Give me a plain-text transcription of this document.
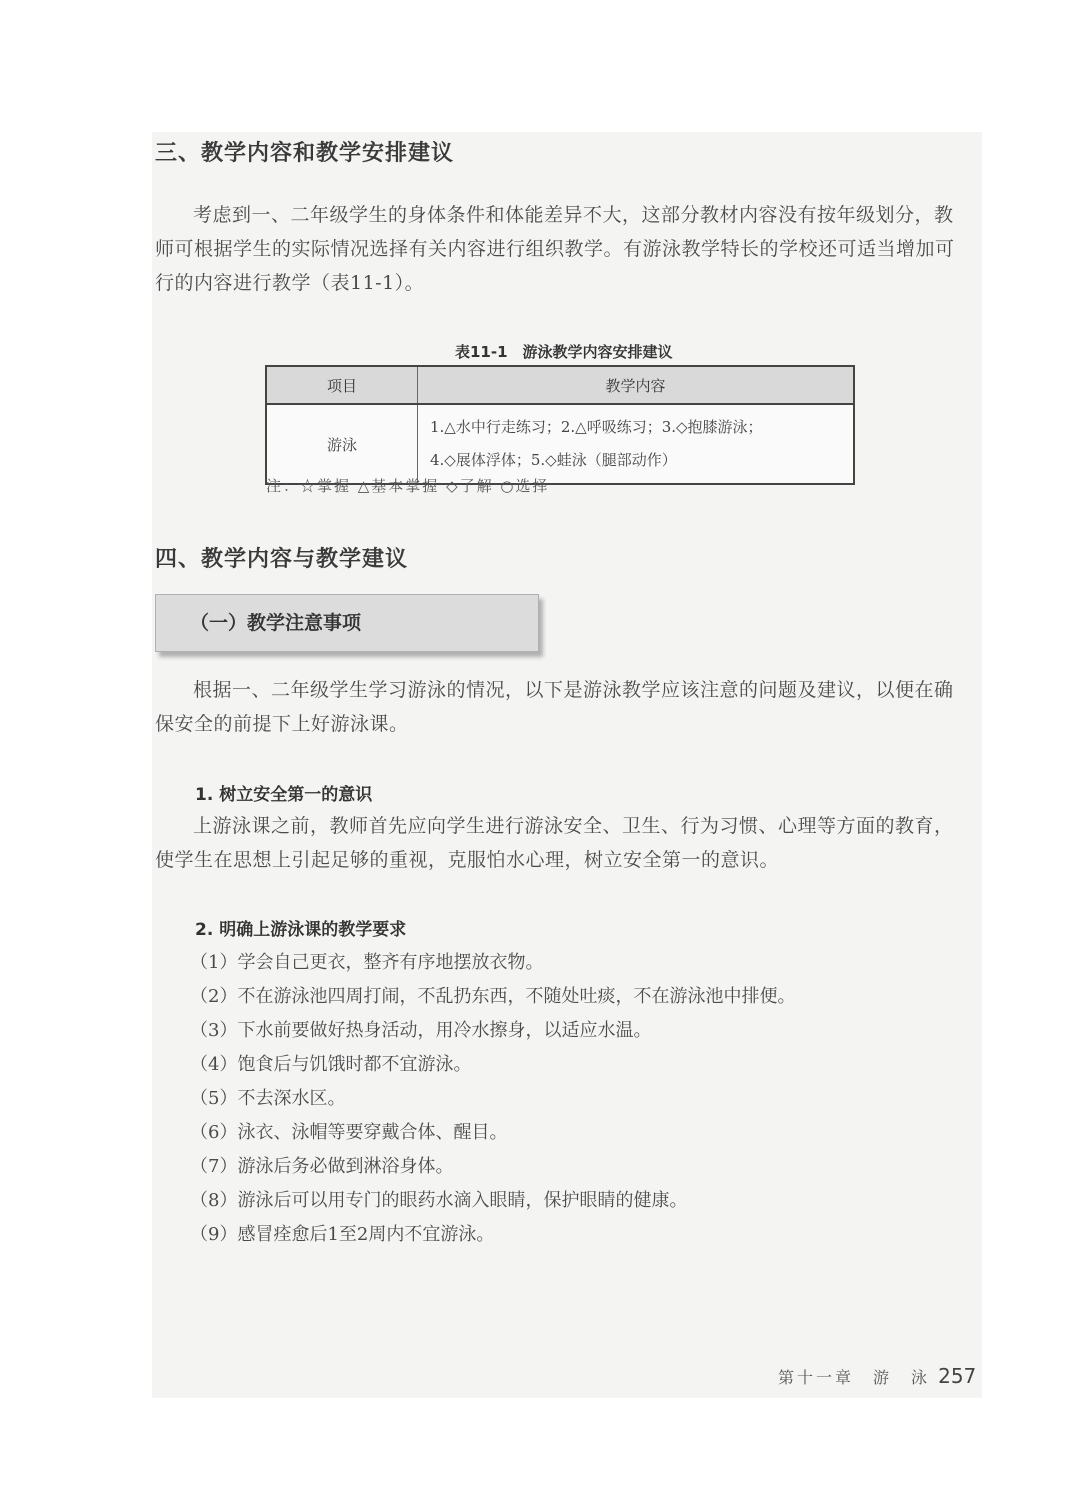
三、教学内容和教学安排建议
考虑到一、二年级学生的身体条件和体能差异不大，这部分教材内容没有按年级划分，教师可根据学生的实际情况选择有关内容进行组织教学。有游泳教学特长的学校还可适当增加可行的内容进行教学（表11-1）。
表11-1　游泳教学内容安排建议
项目	教学内容
游泳	1.△水中行走练习；2.△呼吸练习；3.◇抱膝游泳；
4.◇展体浮体；5.◇蛙泳（腿部动作）
注：☆掌握 △基本掌握 ◇了解 ○选择
四、教学内容与教学建议
（一）教学注意事项
根据一、二年级学生学习游泳的情况，以下是游泳教学应该注意的问题及建议，以便在确保安全的前提下上好游泳课。
1. 树立安全第一的意识
上游泳课之前，教师首先应向学生进行游泳安全、卫生、行为习惯、心理等方面的教育，使学生在思想上引起足够的重视，克服怕水心理，树立安全第一的意识。
2. 明确上游泳课的教学要求
（1）学会自己更衣，整齐有序地摆放衣物。
（2）不在游泳池四周打闹，不乱扔东西，不随处吐痰，不在游泳池中排便。
（3）下水前要做好热身活动，用冷水擦身，以适应水温。
（4）饱食后与饥饿时都不宜游泳。
（5）不去深水区。
（6）泳衣、泳帽等要穿戴合体、醒目。
（7）游泳后务必做到淋浴身体。
（8）游泳后可以用专门的眼药水滴入眼睛，保护眼睛的健康。
（9）感冒痊愈后1至2周内不宜游泳。
第十一章　游　泳 257
